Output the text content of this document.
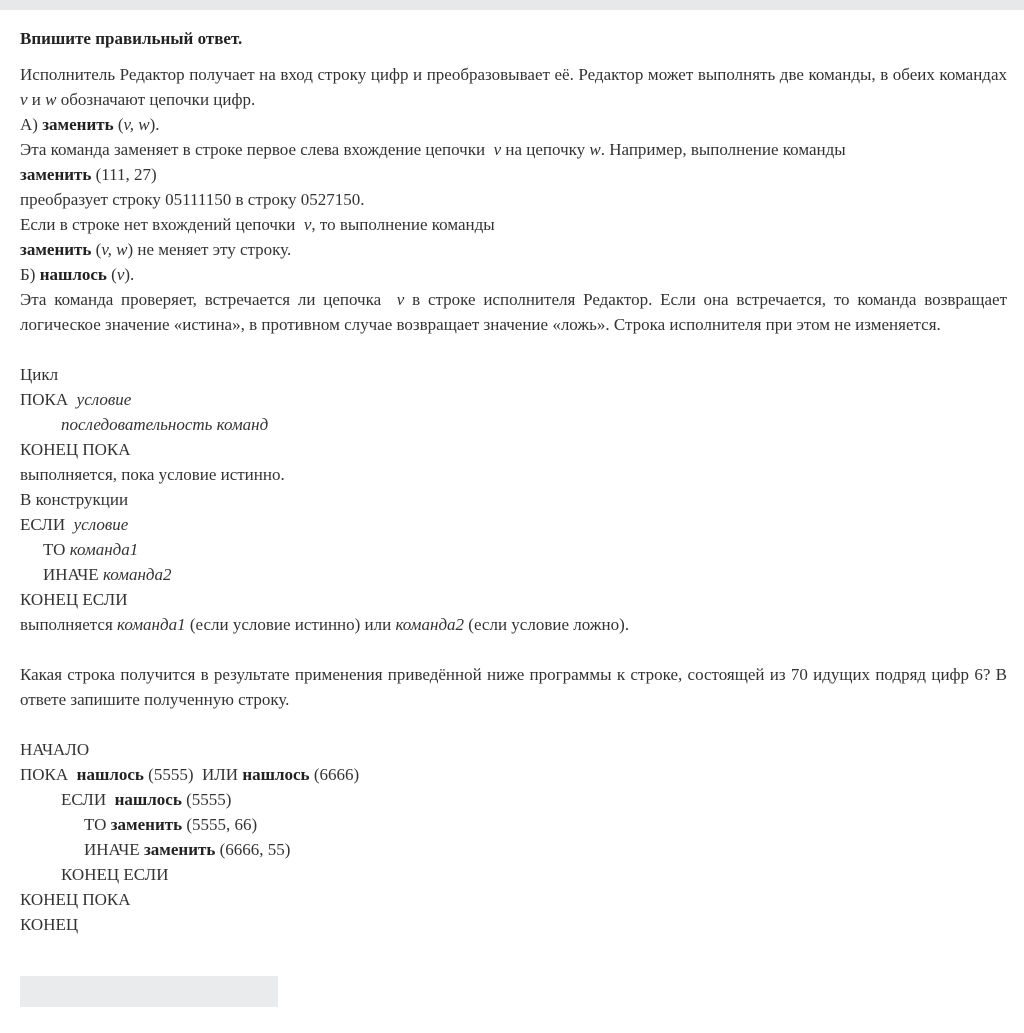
Впишите правильный ответ.
Исполнитель Редактор получает на вход строку цифр и преобразовывает её. Редактор может выполнять две команды, в обеих командах v и w обозначают цепочки цифр.
А) заменить (v, w).
Эта команда заменяет в строке первое слева вхождение цепочки v на цепочку w. Например, выполнение команды
заменить (111, 27)
преобразует строку 05111150 в строку 0527150.
Если в строке нет вхождений цепочки v, то выполнение команды
заменить (v, w) не меняет эту строку.
Б) нашлось (v).
Эта команда проверяет, встречается ли цепочка v в строке исполнителя Редактор. Если она встречается, то команда возвращает логическое значение «истина», в противном случае возвращает значение «ложь». Строка исполнителя при этом не изменяется.
Цикл
ПОКА условие
последовательность команд
КОНЕЦ ПОКА
выполняется, пока условие истинно.
В конструкции
ЕСЛИ условие
ТО команда1
ИНАЧЕ команда2
КОНЕЦ ЕСЛИ
выполняется команда1 (если условие истинно) или команда2 (если условие ложно).
Какая строка получится в результате применения приведённой ниже программы к строке, состоящей из 70 идущих подряд цифр 6? В ответе запишите полученную строку.
НАЧАЛО
ПОКА нашлось (5555) ИЛИ нашлось (6666)
ЕСЛИ нашлось (5555)
ТО заменить (5555, 66)
ИНАЧЕ заменить (6666, 55)
КОНЕЦ ЕСЛИ
КОНЕЦ ПОКА
КОНЕЦ
